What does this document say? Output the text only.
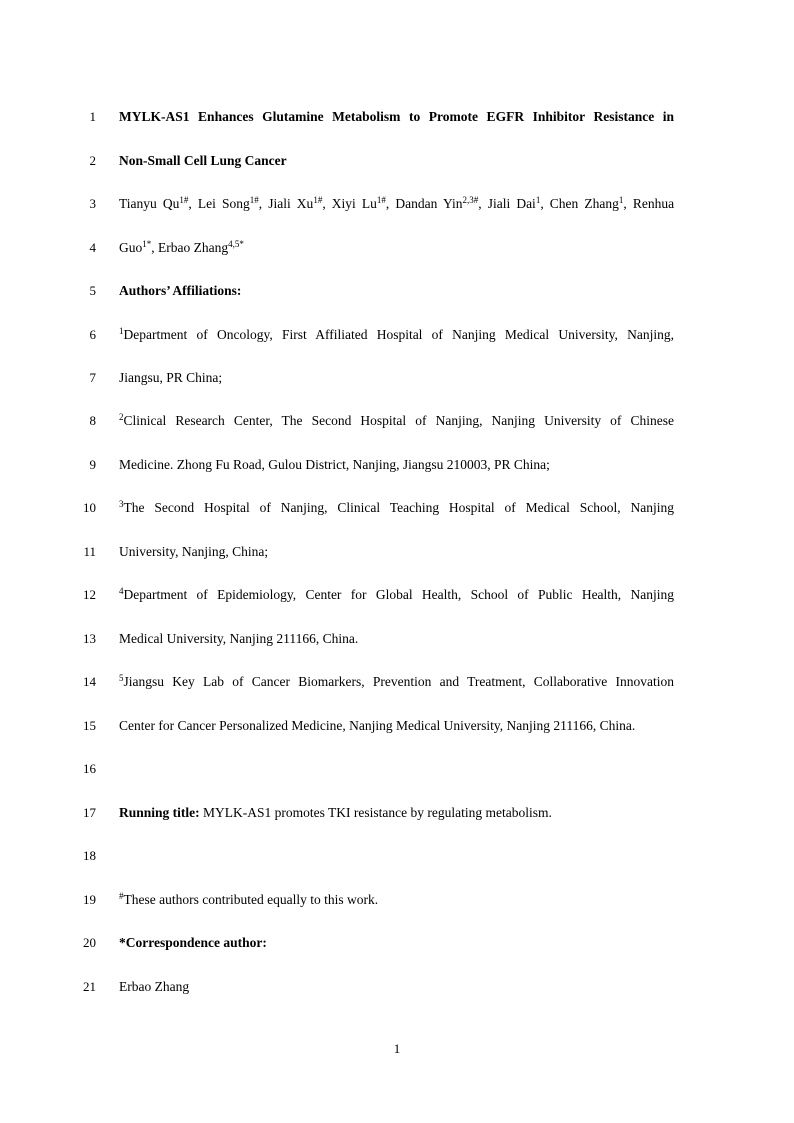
1 MYLK-AS1 Enhances Glutamine Metabolism to Promote EGFR Inhibitor Resistance in
2 Non-Small Cell Lung Cancer
3 Tianyu $Qu^{1\#}$, Lei Song$^{1\#}$, Jiali $Xu^{1\#}$, Xiyi $Lu^{1\#}$, Dandan Yin$^{2,3\#}$, Jiali Dai$^1$, Chen Zhang$^1$, Renhua
4 Guo$^{1*}$, Erbao Zhang$^{4,5*}$
5 Authors’ Affiliations:
6	$^1$Department of Oncology, First Affiliated Hospital of Nanjing Medical University, Nanjing,
7 Jiangsu, PR China;
8	$^2$Clinical Research Center, The Second Hospital of Nanjing, Nanjing University of Chinese
9 Medicine. Zhong Fu Road, Gulou District, Nanjing, Jiangsu 210003, PR China;
10	$^3$The Second Hospital of Nanjing, Clinical Teaching Hospital of Medical School, Nanjing
11 University, Nanjing, China;
12	$^4$Department of Epidemiology, Center for Global Health, School of Public Health, Nanjing
13 Medical University, Nanjing 211166, China.
14	$^5$Jiangsu Key Lab of Cancer Biomarkers, Prevention and Treatment, Collaborative Innovation
15 Center for Cancer Personalized Medicine, Nanjing Medical University, Nanjing 211166, China.
16
17 Running title: MYLK-AS1 promotes TKI resistance by regulating metabolism.
18
19	#These authors contributed equally to this work.
20 *Correspondence author:
21 Erbao Zhang
1
